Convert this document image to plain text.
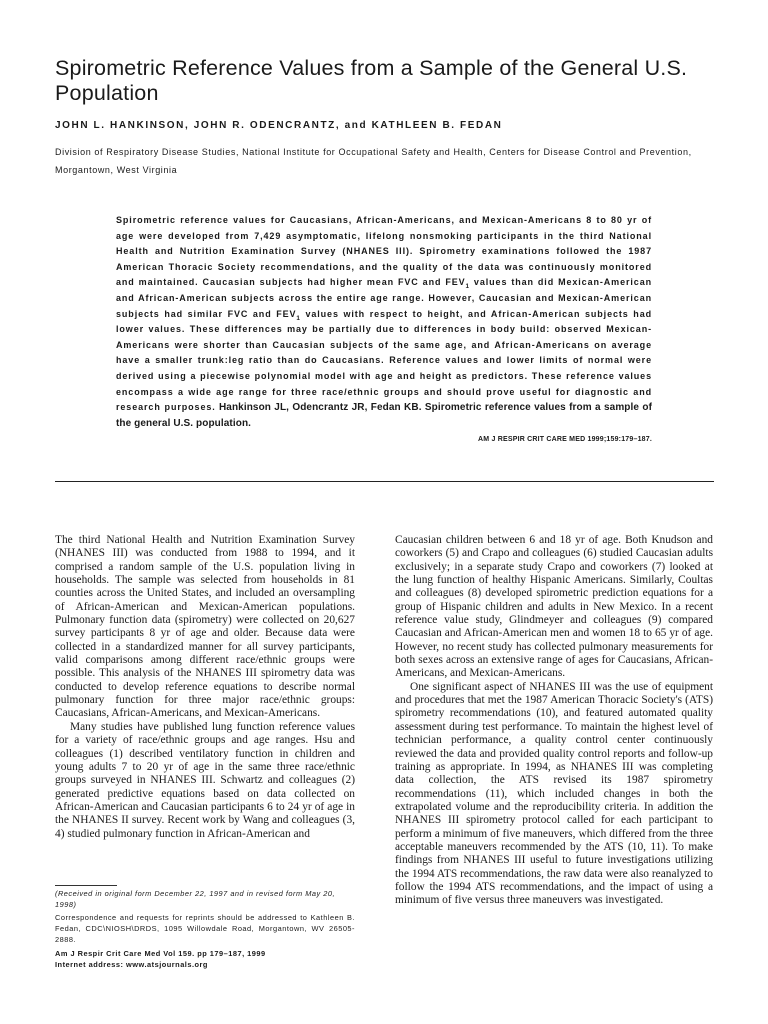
Spirometric Reference Values from a Sample of the General U.S. Population

JOHN L. HANKINSON, JOHN R. ODENCRANTZ, and KATHLEEN B. FEDAN

Division of Respiratory Disease Studies, National Institute for Occupational Safety and Health, Centers for Disease Control and Prevention, Morgantown, West Virginia

Spirometric reference values for Caucasians, African-Americans, and Mexican-Americans 8 to 80 yr of age were developed from 7,429 asymptomatic, lifelong nonsmoking participants in the third National Health and Nutrition Examination Survey (NHANES III). Spirometry examinations followed the 1987 American Thoracic Society recommendations, and the quality of the data was continuously monitored and maintained. Caucasian subjects had higher mean FVC and $FEV_1$ values than did Mexican-American and African-American subjects across the entire age range. However, Caucasian and Mexican-American subjects had similar FVC and $FEV_1$ values with respect to height, and African-American subjects had lower values. These differences may be partially due to differences in body build: observed Mexican-Americans were shorter than Caucasian subjects of the same age, and African-Americans on average have a smaller trunk:leg ratio than do Caucasians. Reference values and lower limits of normal were derived using a piecewise polynomial model with age and height as predictors. These reference values encompass a wide age range for three race/ethnic groups and should prove useful for diagnostic and research purposes. Hankinson JL, Odencrantz JR, Fedan KB. Spirometric reference values from a sample of the general U.S. population.

AM J RESPIR CRIT CARE MED 1999;159:179–187.

The third National Health and Nutrition Examination Survey (NHANES III) was conducted from 1988 to 1994, and it comprised a random sample of the U.S. population living in households. The sample was selected from households in 81 counties across the United States, and included an oversampling of African-American and Mexican-American populations. Pulmonary function data (spirometry) were collected on 20,627 survey participants 8 yr of age and older. Because data were collected in a standardized manner for all survey participants, valid comparisons among different race/ethnic groups were possible. This analysis of the NHANES III spirometry data was conducted to develop reference equations to describe normal pulmonary function for three major race/ethnic groups: Caucasians, African-Americans, and Mexican-Americans.

Many studies have published lung function reference values for a variety of race/ethnic groups and age ranges. Hsu and colleagues (1) described ventilatory function in children and young adults 7 to 20 yr of age in the same three race/ethnic groups surveyed in NHANES III. Schwartz and colleagues (2) generated predictive equations based on data collected on African-American and Caucasian participants 6 to 24 yr of age in the NHANES II survey. Recent work by Wang and colleagues (3, 4) studied pulmonary function in African-American and

Caucasian children between 6 and 18 yr of age. Both Knudson and coworkers (5) and Crapo and colleagues (6) studied Caucasian adults exclusively; in a separate study Crapo and coworkers (7) looked at the lung function of healthy Hispanic Americans. Similarly, Coultas and colleagues (8) developed spirometric prediction equations for a group of Hispanic children and adults in New Mexico. In a recent reference value study, Glindmeyer and colleagues (9) compared Caucasian and African-American men and women 18 to 65 yr of age. However, no recent study has collected pulmonary measurements for both sexes across an extensive range of ages for Caucasians, African-Americans, and Mexican-Americans.

One significant aspect of NHANES III was the use of equipment and procedures that met the 1987 American Thoracic Society's (ATS) spirometry recommendations (10), and featured automated quality assessment during test performance. To maintain the highest level of technician performance, a quality control center continuously reviewed the data and provided quality control reports and follow-up training as appropriate. In 1994, as NHANES III was completing data collection, the ATS revised its 1987 spirometry recommendations (11), which included changes in both the extrapolated volume and the reproducibility criteria. In addition the NHANES III spirometry protocol called for each participant to perform a minimum of five maneuvers, which differed from the three acceptable maneuvers recommended by the ATS (10, 11). To make findings from NHANES III useful to future investigations utilizing the 1994 ATS recommendations, the raw data were also reanalyzed to follow the 1994 ATS recommendations, and the impact of using a minimum of five versus three maneuvers was investigated.

(Received in original form December 22, 1997 and in revised form May 20, 1998)

Correspondence and requests for reprints should be addressed to Kathleen B. Fedan, CDC\NIOSH\DRDS, 1095 Willowdale Road, Morgantown, WV 26505-2888.

Am J Respir Crit Care Med Vol 159. pp 179–187, 1999

Internet address: www.atsjournals.org
